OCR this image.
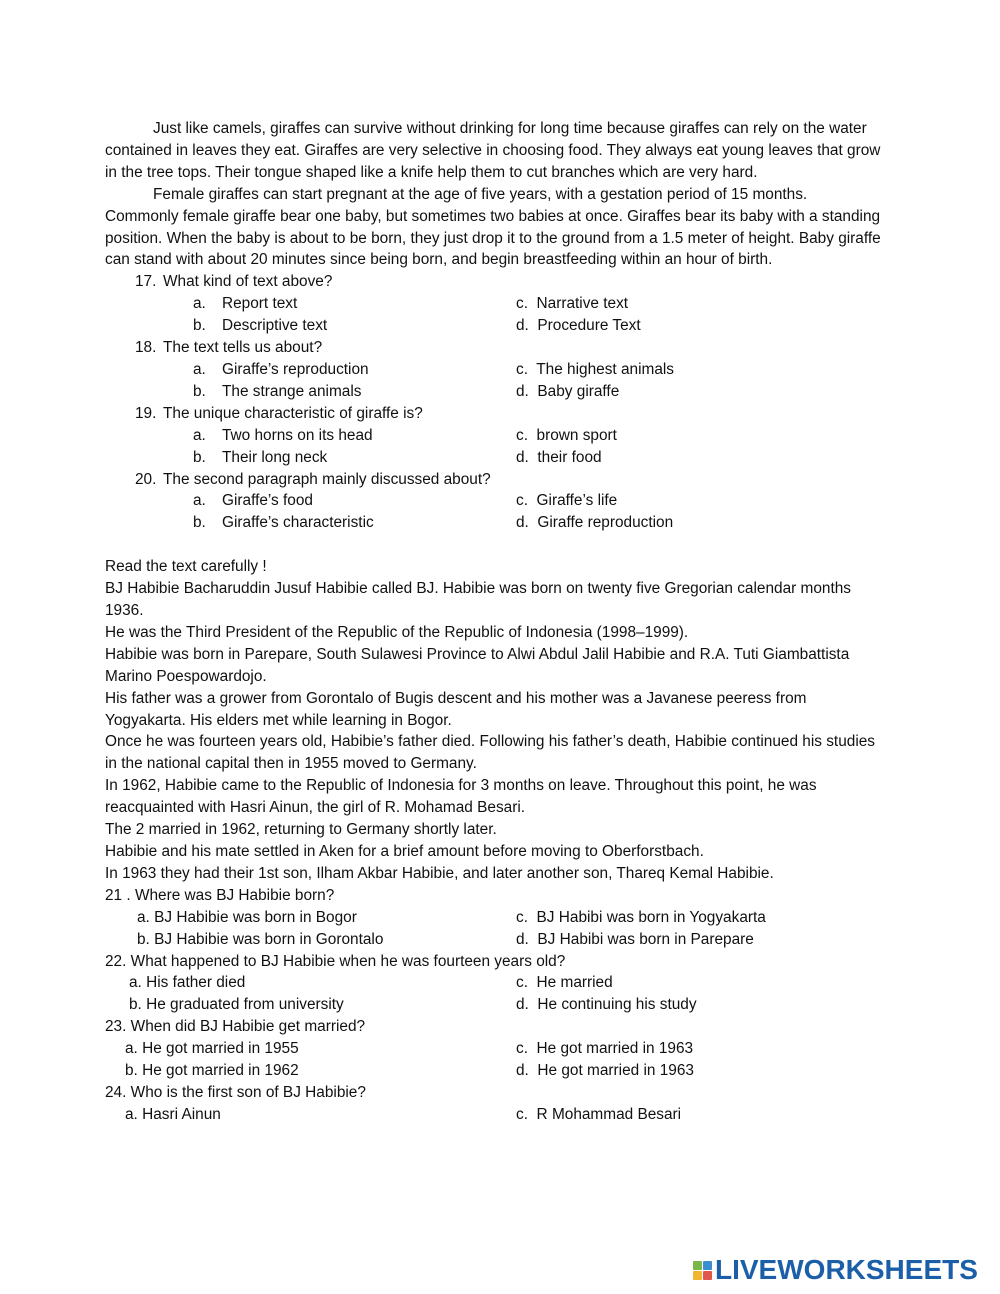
Just like camels, giraffes can survive without drinking for long time because giraffes can rely on the water contained in leaves they eat. Giraffes are very selective in choosing food. They always eat young leaves that grow in the tree tops. Their tongue shaped like a knife help them to cut branches which are very hard.

Female giraffes can start pregnant at the age of five years, with a gestation period of 15 months. Commonly female giraffe bear one baby, but sometimes two babies at once. Giraffes bear its baby with a standing position. When the baby is about to be born, they just drop it to the ground from a 1.5 meter of height. Baby giraffe can stand with about 20 minutes since being born, and begin breastfeeding within an hour of birth.

17. What kind of text above?
a. Report text	c. Narrative text
b. Descriptive text	d. Procedure Text
18. The text tells us about?
a. Giraffe’s reproduction	c. The highest animals
b. The strange animals	d. Baby giraffe
19. The unique characteristic of giraffe is?
a. Two horns on its head	c. brown sport
b. Their long neck	d. their food
20. The second paragraph mainly discussed about?
a. Giraffe’s food	c. Giraffe’s life
b. Giraffe’s characteristic	d. Giraffe reproduction

Read the text carefully !

BJ Habibie Bacharuddin Jusuf Habibie called BJ. Habibie was born on twenty five Gregorian calendar months 1936.

He was the Third President of the Republic of the Republic of Indonesia (1998–1999).

Habibie was born in Parepare, South Sulawesi Province to Alwi Abdul Jalil Habibie and R.A. Tuti Giambattista Marino Poespowardojo.

His father was a grower from Gorontalo of Bugis descent and his mother was a Javanese peeress from Yogyakarta. His elders met while learning in Bogor.

Once he was fourteen years old, Habibie’s father died. Following his father’s death, Habibie continued his studies in the national capital then in 1955 moved to Germany.

In 1962, Habibie came to the Republic of Indonesia for 3 months on leave. Throughout this point, he was reacquainted with Hasri Ainun, the girl of R. Mohamad Besari.

The 2 married in 1962, returning to Germany shortly later.

Habibie and his mate settled in Aken for a brief amount before moving to Oberforstbach.

In 1963 they had their 1st son, Ilham Akbar Habibie, and later another son, Thareq Kemal Habibie.

21 . Where was BJ Habibie born?

a. BJ Habibie was born in Bogor	c. BJ Habibi was born in Yogyakarta
b. BJ Habibie was born in Gorontalo	d. BJ Habibi was born in Parepare

22. What happened to BJ Habibie when he was fourteen years old?

a. His father died	c. He married
b. He graduated from university	d. He continuing his study

23. When did BJ Habibie get married?

a. He got married in 1955	c. He got married in 1963
b. He got married in 1962	d. He got married in 1963

24. Who is the first son of BJ Habibie?

a. Hasri Ainun	c. R Mohammad Besari
LIVEWORKSHEETS
